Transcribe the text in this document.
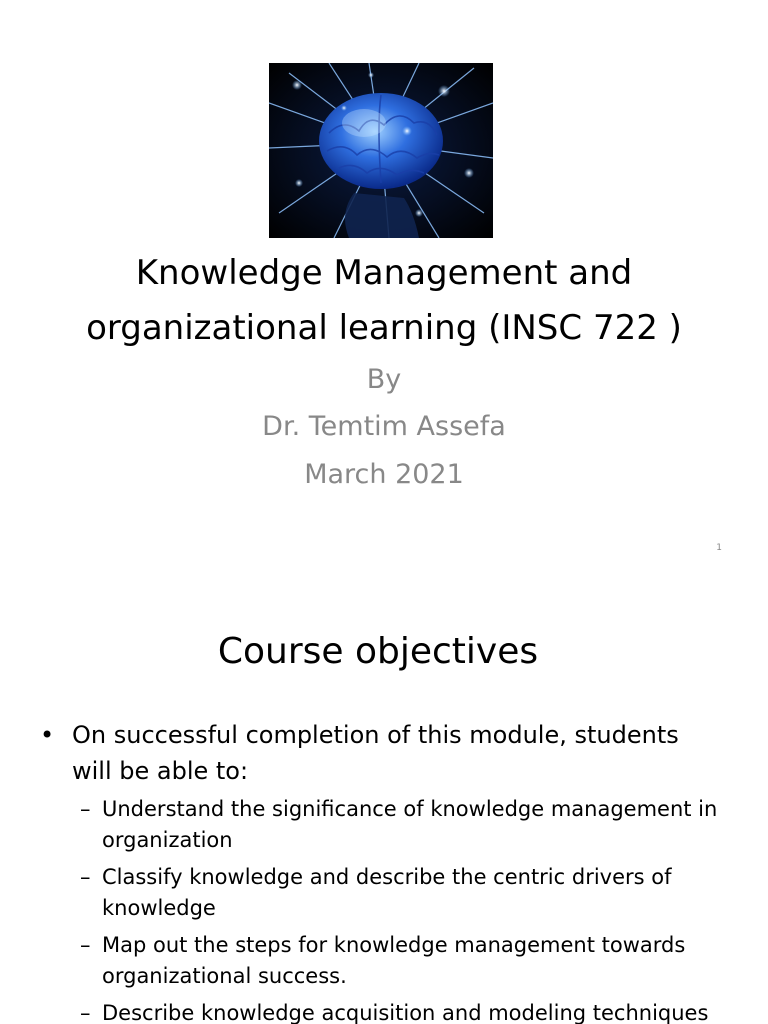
Knowledge Management and
organizational learning (INSC 722 )
By
Dr. Temtim Assefa
March 2021
1
Course objectives
• On successful completion of this module, students will be able to:
– Understand the significance of knowledge management in organization
– Classify knowledge and describe the centric drivers of knowledge
– Map out the steps for knowledge management towards organizational success.
– Describe knowledge acquisition and modeling techniques
